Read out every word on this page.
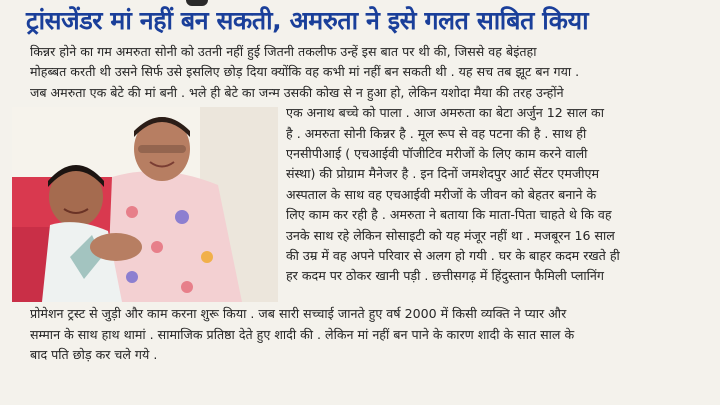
ट्रांसजेंडर मां नहीं बन सकती, अमरुता ने इसे गलत साबित किया
किन्नर होने का गम अमरुता सोनी को उतनी नहीं हुई जितनी तकलीफ उन्हें इस बात पर थी की, जिससे वह बेइंतहा
मोहब्बत करती थी उसने सिर्फ उसे इसलिए छोड़ दिया क्योंकि वह कभी मां नहीं बन सकती थी . यह सच तब झूट बन गया .
जब अमरुता एक बेटे की मां बनी . भले ही बेटे का जन्म उसकी कोख से न हुआ हो, लेकिन यशोदा मैया की तरह उन्होंने
एक अनाथ बच्चे को पाला . आज अमरुता का बेटा अर्जुन 12 साल का
है . अमरुता सोनी किन्नर है . मूल रूप से वह पटना की है . साथ ही
एनसीपीआई ( एचआईवी पॉजीटिव मरीजों के लिए काम करने वाली
संस्था) की प्रोग्राम मैनेजर है . इन दिनों जमशेदपुर आर्ट सेंटर एमजीएम
अस्पताल के साथ वह एचआईवी मरीजों के जीवन को बेहतर बनाने के
लिए काम कर रही है . अमरुता ने बताया कि माता-पिता चाहते थे कि वह
उनके साथ रहे लेकिन सोसाइटी को यह मंजूर नहीं था . मजबूरन 16 साल
की उम्र में वह अपने परिवार से अलग हो गयी . घर के बाहर कदम रखते ही
हर कदम पर ठोकर खानी पड़ी . छत्तीसगढ़ में हिंदुस्तान फैमिली प्लानिंग
प्रोमेशन ट्रस्ट से जुड़ी और काम करना शुरू किया . जब सारी सच्चाई जानते हुए वर्ष 2000 में किसी व्यक्ति ने प्यार और
सम्मान के साथ हाथ थामां . सामाजिक प्रतिष्ठा देते हुए शादी की . लेकिन मां नहीं बन पाने के कारण शादी के सात साल के
बाद पति छोड़ कर चले गये .
